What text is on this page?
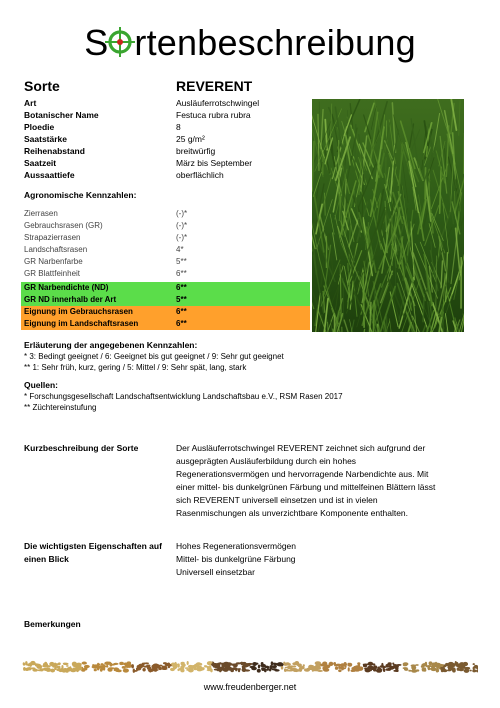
S rtenbeschreibung
Sorte	REVERENT
Art	Ausläuferrotschwingel
Botanischer Name	Festuca rubra rubra
Ploedie	8
Saatstärke	25 g/m²
Reihenabstand	breitwürfig
Saatzeit	März bis September
Aussaattiefe	oberflächlich
Agronomische Kennzahlen:
Zierrasen	(-)*
Gebrauchsrasen (GR)	(-)*
Strapazierrasen	(-)*
Landschaftsrasen	4*
GR Narbenfarbe	5**
GR Blattfeinheit	6**
GR Narbendichte (ND)	6**
GR ND innerhalb der Art	5**
Eignung im Gebrauchsrasen	6**
Eignung im Landschaftsrasen	6**
Erläuterung der angegebenen Kennzahlen:
* 3: Bedingt geeignet / 6: Geeignet bis gut geeignet / 9: Sehr gut geeignet
** 1: Sehr früh, kurz, gering / 5: Mittel / 9: Sehr spät, lang, stark
Quellen:
* Forschungsgesellschaft Landschaftsentwicklung Landschaftsbau e.V., RSM Rasen 2017
** Züchtereinstufung
Kurzbeschreibung der Sorte	Der Ausläuferrotschwingel REVERENT zeichnet sich aufgrund der ausgeprägten Ausläuferbildung durch ein hohes Regenerationsvermögen und hervorragende Narbendichte aus. Mit einer mittel- bis dunkelgrünen Färbung und mittelfeinen Blättern lässt sich REVERENT universell einsetzen und ist in vielen Rasenmischungen als unverzichtbare Komponente enthalten.
Die wichtigsten Eigenschaften auf einen Blick
Hohes Regenerationsvermögen
Mittel- bis dunkelgrüne Färbung
Universell einsetzbar
Bemerkungen
www.freudenberger.net
